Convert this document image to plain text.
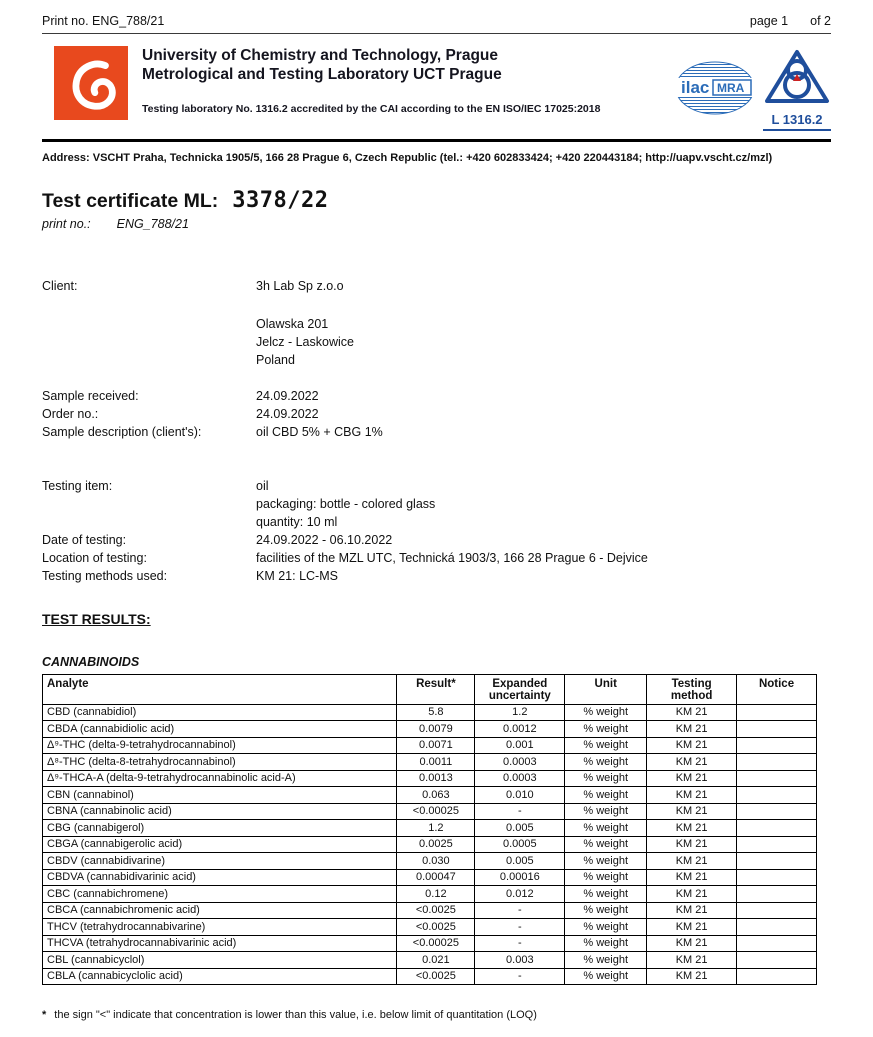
Print no. ENG_788/21	page 1 of 2
University of Chemistry and Technology, Prague
Metrological and Testing Laboratory UCT Prague
Testing laboratory No. 1316.2 accredited by the CAI according to the EN ISO/IEC 17025:2018
ilac MRA
L 1316.2
Address: VSCHT Praha, Technicka 1905/5, 166 28 Prague 6, Czech Republic (tel.: +420 602833424; +420 220443184; http://uapv.vscht.cz/mzl)
Test certificate ML: 3378/22
print no.: ENG_788/21
Client:	3h Lab Sp z.o.o
Olawska 201
Jelcz - Laskowice
Poland
Sample received:	24.09.2022
Order no.:	24.09.2022
Sample description (client's):	oil CBD 5% + CBG 1%
Testing item:	oil
packaging: bottle - colored glass
quantity: 10 ml
Date of testing:	24.09.2022 - 06.10.2022
Location of testing:	facilities of the MZL UTC, Technická 1903/3, 166 28 Prague 6 - Dejvice
Testing methods used:	KM 21: LC-MS
TEST RESULTS:
CANNABINOIDS
Analyte	Result*	Expanded uncertainty	Unit	Testing method	Notice
CBD (cannabidiol)	5.8	1.2	% weight	KM 21	
CBDA (cannabidiolic acid)	0.0079	0.0012	% weight	KM 21	
Δ⁹-THC (delta-9-tetrahydrocannabinol)	0.0071	0.001	% weight	KM 21	
Δ⁸-THC (delta-8-tetrahydrocannabinol)	0.0011	0.0003	% weight	KM 21	
Δ⁹-THCA-A (delta-9-tetrahydrocannabinolic acid-A)	0.0013	0.0003	% weight	KM 21	
CBN (cannabinol)	0.063	0.010	% weight	KM 21	
CBNA (cannabinolic acid)	<0.00025	-	% weight	KM 21	
CBG (cannabigerol)	1.2	0.005	% weight	KM 21	
CBGA (cannabigerolic acid)	0.0025	0.0005	% weight	KM 21	
CBDV (cannabidivarine)	0.030	0.005	% weight	KM 21	
CBDVA (cannabidivarinic acid)	0.00047	0.00016	% weight	KM 21	
CBC (cannabichromene)	0.12	0.012	% weight	KM 21	
CBCA (cannabichromenic acid)	<0.0025	-	% weight	KM 21	
THCV (tetrahydrocannabivarine)	<0.0025	-	% weight	KM 21	
THCVA (tetrahydrocannabivarinic acid)	<0.00025	-	% weight	KM 21	
CBL (cannabicyclol)	0.021	0.003	% weight	KM 21	
CBLA (cannabicyclolic acid)	<0.0025	-	% weight	KM 21	
* the sign "<" indicate that concentration is lower than this value, i.e. below limit of quantitation (LOQ)
